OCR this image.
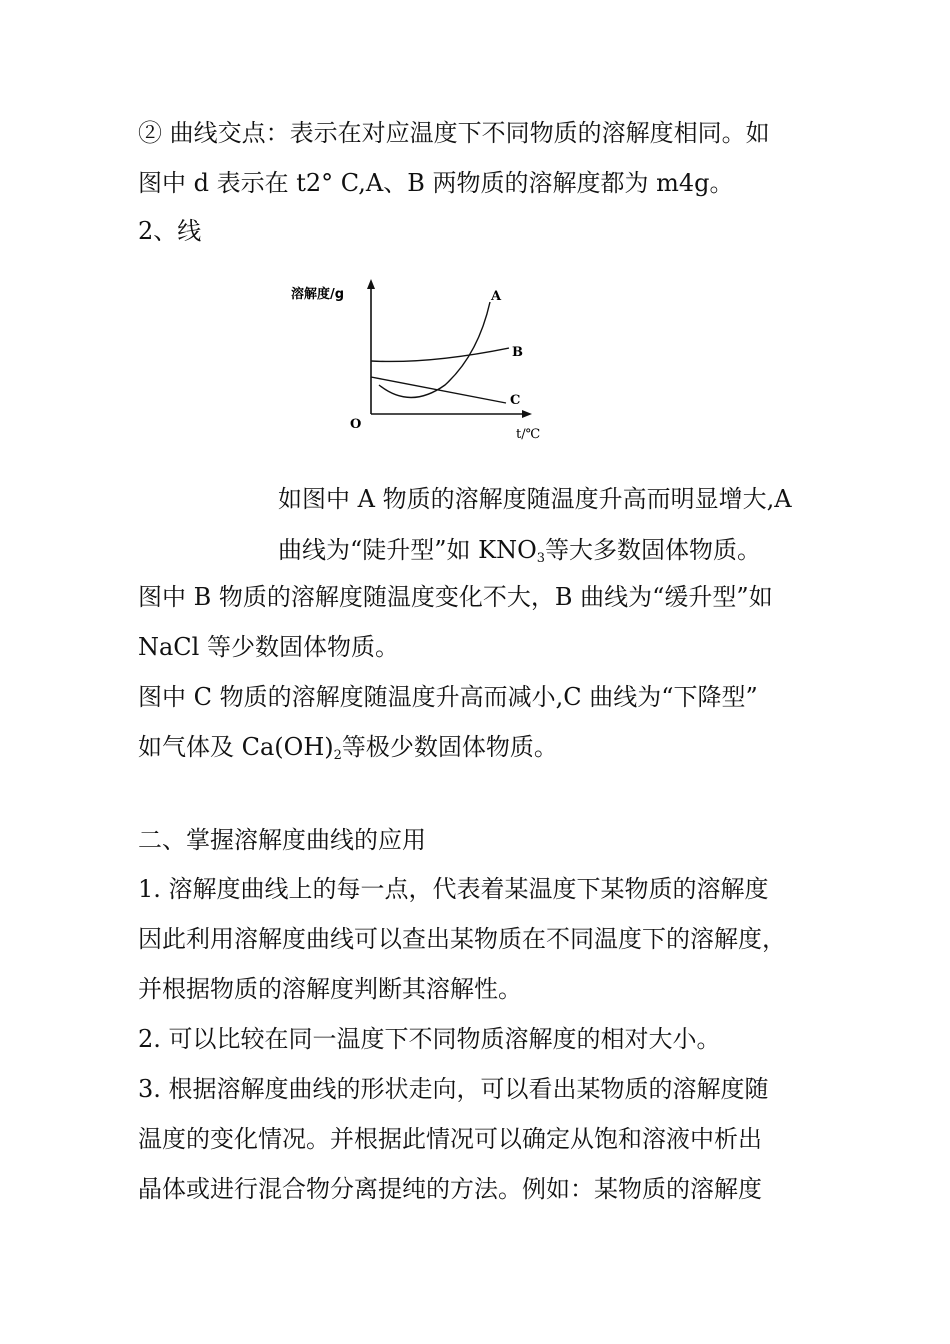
② 曲线交点：表示在对应温度下不同物质的溶解度相同。如
图中 d 表示在 t2° C,A、B 两物质的溶解度都为 m4g。
2、线
溶解度/g
t/℃
O
A
B
C
如图中 A 物质的溶解度随温度升高而明显增大,A
曲线为“陡升型”如 $KNO_3$等大多数固体物质。
图中 B 物质的溶解度随温度变化不大，B 曲线为“缓升型”如
NaCl 等少数固体物质。
图中 C 物质的溶解度随温度升高而减小,C 曲线为“下降型”
如气体及 $Ca(OH)_2$等极少数固体物质。
二、掌握溶解度曲线的应用
1. 溶解度曲线上的每一点，代表着某温度下某物质的溶解度
因此利用溶解度曲线可以查出某物质在不同温度下的溶解度，
并根据物质的溶解度判断其溶解性。
2. 可以比较在同一温度下不同物质溶解度的相对大小。
3. 根据溶解度曲线的形状走向，可以看出某物质的溶解度随
温度的变化情况。并根据此情况可以确定从饱和溶液中析出
晶体或进行混合物分离提纯的方法。例如：某物质的溶解度
